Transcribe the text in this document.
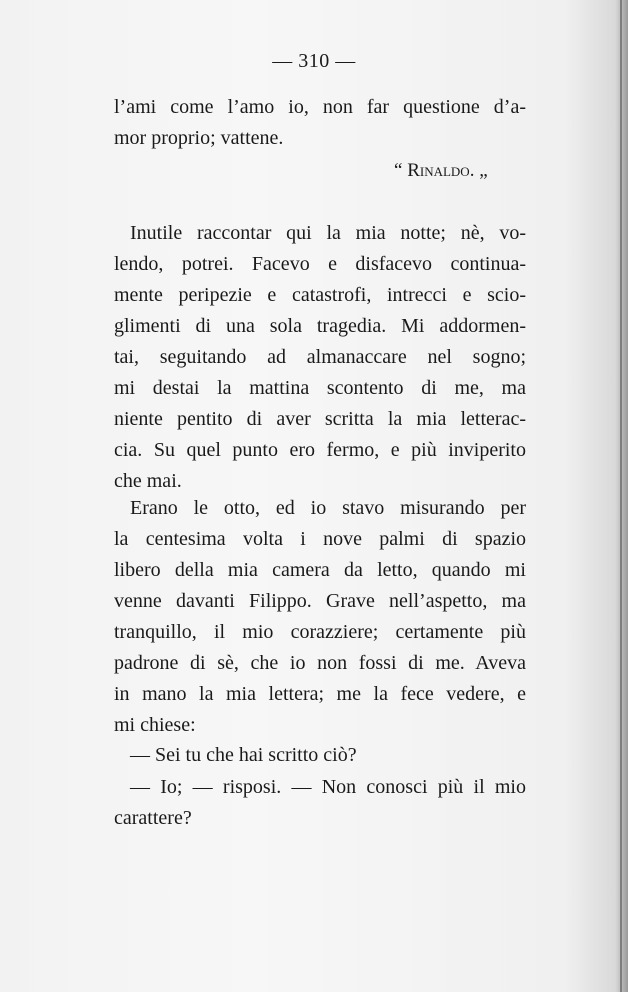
— 310 —
l’ami come l’amo io, non far questione d’a-
mor proprio; vattene.
“ Rinaldo. „
Inutile raccontar qui la mia notte; nè, vo-
lendo, potrei. Facevo e disfacevo continua-
mente peripezie e catastrofi, intrecci e scio-
glimenti di una sola tragedia. Mi addormen-
tai, seguitando ad almanaccare nel sogno;
mi destai la mattina scontento di me, ma
niente pentito di aver scritta la mia letterac-
cia. Su quel punto ero fermo, e più inviperito
che mai.
Erano le otto, ed io stavo misurando per
la centesima volta i nove palmi di spazio
libero della mia camera da letto, quando mi
venne davanti Filippo. Grave nell’aspetto, ma
tranquillo, il mio corazziere; certamente più
padrone di sè, che io non fossi di me. Aveva
in mano la mia lettera; me la fece vedere, e
mi chiese:
— Sei tu che hai scritto ciò?
— Io; — risposi. — Non conosci più il mio
carattere?
